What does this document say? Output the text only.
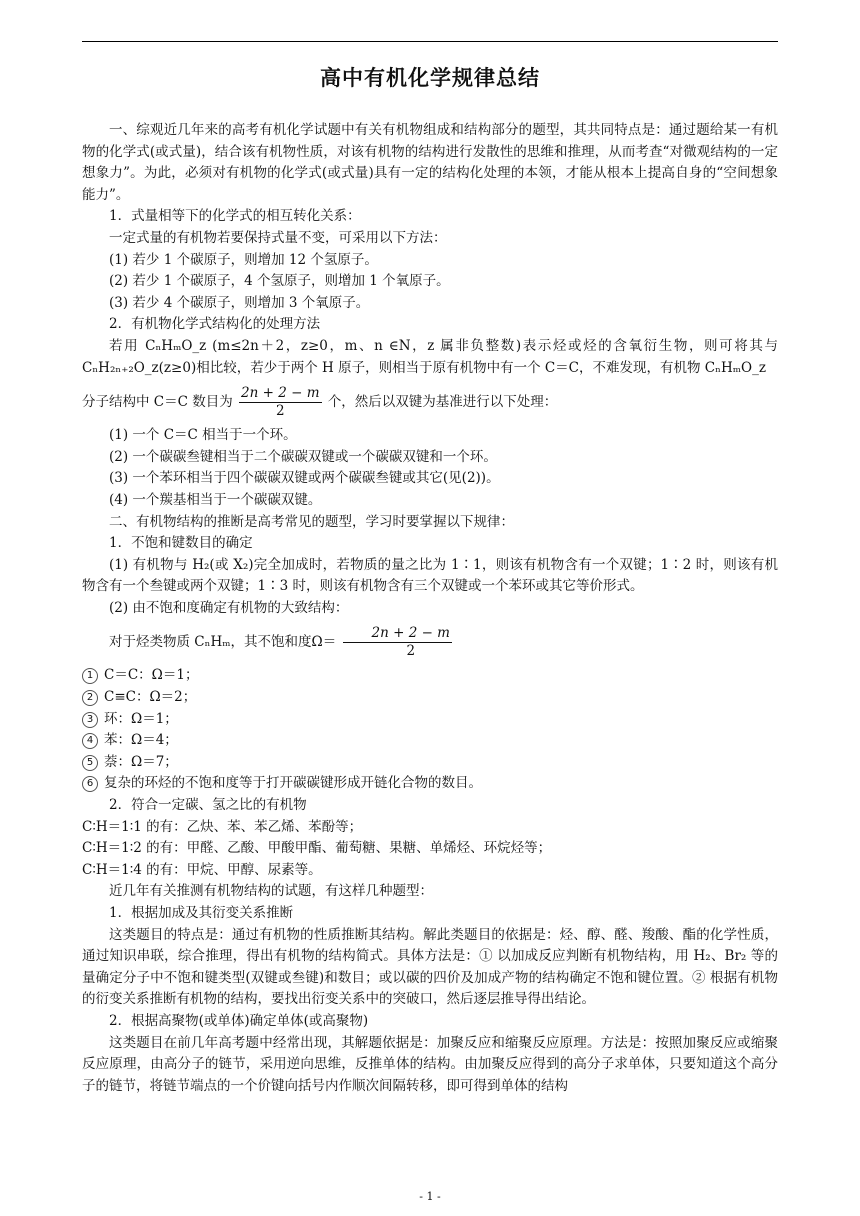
高中有机化学规律总结

一、综观近几年来的高考有机化学试题中有关有机物组成和结构部分的题型，其共同特点是：通过题给某一有机物的化学式(或式量)，结合该有机物性质，对该有机物的结构进行发散性的思维和推理，从而考查“对微观结构的一定想象力”。为此，必须对有机物的化学式(或式量)具有一定的结构化处理的本领，才能从根本上提高自身的“空间想象能力”。

1．式量相等下的化学式的相互转化关系：

一定式量的有机物若要保持式量不变，可采用以下方法：

(1) 若少 1 个碳原子，则增加 12 个氢原子。

(2) 若少 1 个碳原子，4 个氢原子，则增加 1 个氧原子。

(3) 若少 4 个碳原子，则增加 3 个氧原子。

2．有机物化学式结构化的处理方法

若用 CₙHₘO_z (m≤2n＋2，z≥0，m、n ∈N，z 属非负整数)表示烃或烃的含氧衍生物，则可将其与 CₙH₂ₙ₊₂O_z(z≥0)相比较，若少于两个 H 原子，则相当于原有机物中有一个 C＝C，不难发现，有机物 CₙHₘO_z

分子结构中 C＝C 数目为 $\frac{2n + 2 - m}{2}$ 个，然后以双键为基准进行以下处理：

(1) 一个 C＝C 相当于一个环。

(2) 一个碳碳叁键相当于二个碳碳双键或一个碳碳双键和一个环。

(3) 一个苯环相当于四个碳碳双键或两个碳碳叁键或其它(见(2))。

(4) 一个羰基相当于一个碳碳双键。

二、有机物结构的推断是高考常见的题型，学习时要掌握以下规律：

1．不饱和键数目的确定

(1) 有机物与 H₂(或 X₂)完全加成时，若物质的量之比为 1∶1，则该有机物含有一个双键；1∶2 时，则该有机物含有一个叁键或两个双键；1∶3 时，则该有机物含有三个双键或一个苯环或其它等价形式。

(2) 由不饱和度确定有机物的大致结构：

对于烃类物质 CₙHₘ，其不饱和度$\Omega= \frac{2n + 2 - m}{2}$

1 C＝C：Ω＝1；

2 C≡C：Ω＝2；

3 环：Ω＝1；

4 苯：Ω＝4；

5 萘：Ω＝7；

6 复杂的环烃的不饱和度等于打开碳碳键形成开链化合物的数目。

2．符合一定碳、氢之比的有机物

C∶H＝1∶1 的有：乙炔、苯、苯乙烯、苯酚等；

C∶H＝1∶2 的有：甲醛、乙酸、甲酸甲酯、葡萄糖、果糖、单烯烃、环烷烃等；

C∶H＝1∶4 的有：甲烷、甲醇、尿素等。

近几年有关推测有机物结构的试题，有这样几种题型：

1．根据加成及其衍变关系推断

这类题目的特点是：通过有机物的性质推断其结构。解此类题目的依据是：烃、醇、醛、羧酸、酯的化学性质，通过知识串联，综合推理，得出有机物的结构简式。具体方法是：① 以加成反应判断有机物结构，用 H₂、Br₂ 等的量确定分子中不饱和键类型(双键或叁键)和数目；或以碳的四价及加成产物的结构确定不饱和键位置。② 根据有机物的衍变关系推断有机物的结构，要找出衍变关系中的突破口，然后逐层推导得出结论。

2．根据高聚物(或单体)确定单体(或高聚物)

这类题目在前几年高考题中经常出现，其解题依据是：加聚反应和缩聚反应原理。方法是：按照加聚反应或缩聚反应原理，由高分子的链节，采用逆向思维，反推单体的结构。由加聚反应得到的高分子求单体，只要知道这个高分子的链节，将链节端点的一个价键向括号内作顺次间隔转移，即可得到单体的结构

- 1 -
